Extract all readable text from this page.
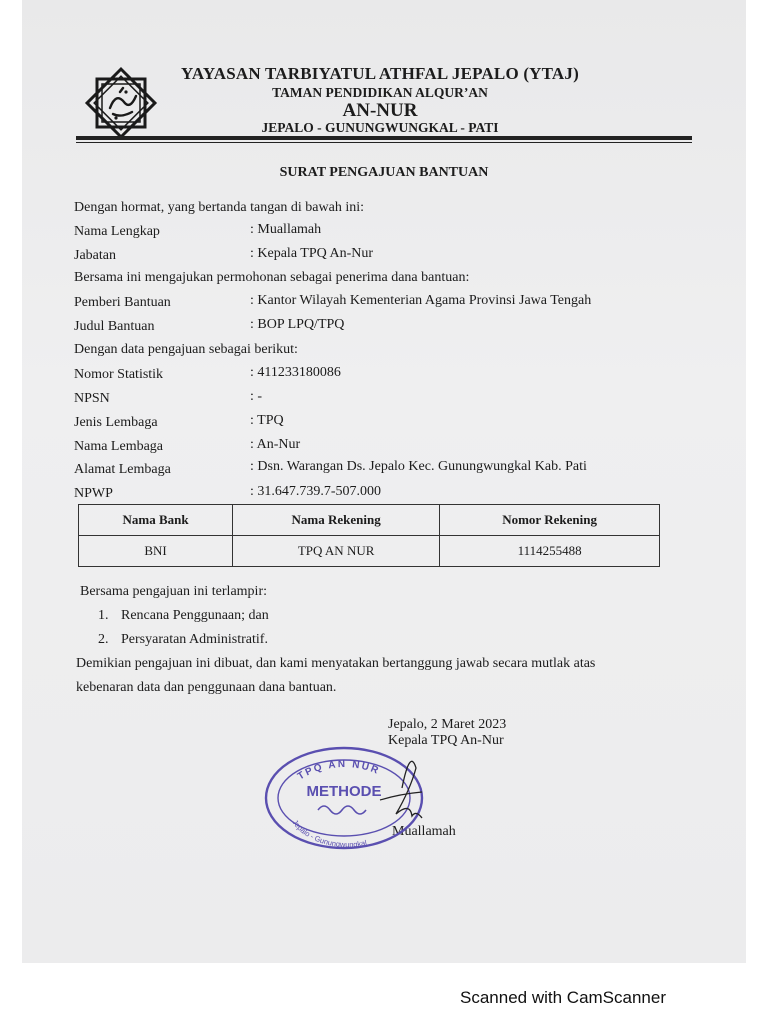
YAYASAN TARBIYATUL ATHFAL JEPALO (YTAJ)
TAMAN PENDIDIKAN ALQUR’AN
AN-NUR
JEPALO - GUNUNGWUNGKAL - PATI
SURAT PENGAJUAN BANTUAN
Dengan hormat, yang bertanda tangan di bawah ini:
Nama Lengkap	: Muallamah
Jabatan	: Kepala TPQ An-Nur
Bersama ini mengajukan permohonan sebagai penerima dana bantuan:
Pemberi Bantuan	: Kantor Wilayah Kementerian Agama Provinsi Jawa Tengah
Judul Bantuan	: BOP LPQ/TPQ
Dengan data pengajuan sebagai berikut:
Nomor Statistik	: 411233180086
NPSN	: -
Jenis Lembaga	: TPQ
Nama Lembaga	: An-Nur
Alamat Lembaga	: Dsn. Warangan Ds. Jepalo Kec. Gunungwungkal Kab. Pati
NPWP	: 31.647.739.7-507.000
Nama Bank	Nama Rekening	Nomor Rekening
BNI	TPQ AN NUR	1114255488
Bersama pengajuan ini terlampir:
1. Rencana Penggunaan; dan
2. Persyaratan Administratif.
Demikian pengajuan ini dibuat, dan kami menyatakan bertanggung jawab secara mutlak atas
kebenaran data dan penggunaan dana bantuan.
Jepalo, 2 Maret 2023
Kepala TPQ An-Nur
Muallamah
TPQ AN NUR
METHODE
Jepalo - Gunungwungkal
Scanned with CamScanner
